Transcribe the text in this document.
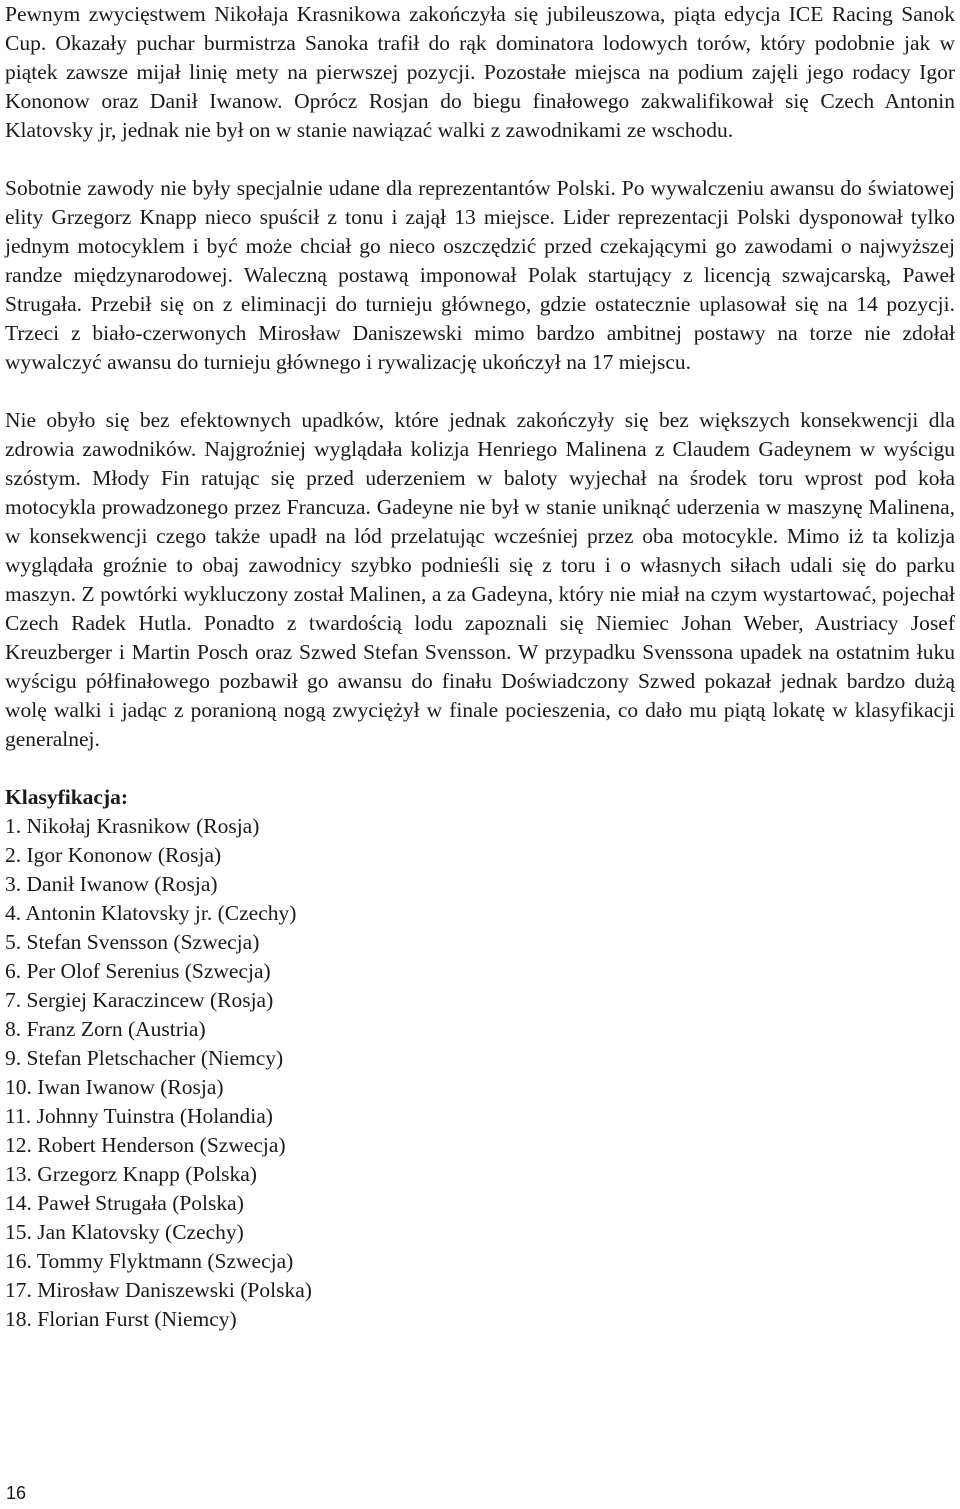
Pewnym zwycięstwem Nikołaja Krasnikowa zakończyła się jubileuszowa, piąta edycja ICE Racing Sanok Cup. Okazały puchar burmistrza Sanoka trafił do rąk dominatora lodowych torów, który podobnie jak w piątek zawsze mijał linię mety na pierwszej pozycji. Pozostałe miejsca na podium zajęli jego rodacy Igor Kononow oraz Danił Iwanow. Oprócz Rosjan do biegu finałowego zakwalifikował się Czech Antonin Klatovsky jr, jednak nie był on w stanie nawiązać walki z zawodnikami ze wschodu.

Sobotnie zawody nie były specjalnie udane dla reprezentantów Polski. Po wywalczeniu awansu do światowej elity Grzegorz Knapp nieco spuścił z tonu i zajął 13 miejsce. Lider reprezentacji Polski dysponował tylko jednym motocyklem i być może chciał go nieco oszczędzić przed czekającymi go zawodami o najwyższej randze międzynarodowej. Waleczną postawą imponował Polak startujący z licencją szwajcarską, Paweł Strugała. Przebił się on z eliminacji do turnieju głównego, gdzie ostatecznie uplasował się na 14 pozycji. Trzeci z biało-czerwonych Mirosław Daniszewski mimo bardzo ambitnej postawy na torze nie zdołał wywalczyć awansu do turnieju głównego i rywalizację ukończył na 17 miejscu.

Nie obyło się bez efektownych upadków, które jednak zakończyły się bez większych konsekwencji dla zdrowia zawodników. Najgroźniej wyglądała kolizja Henriego Malinena z Claudem Gadeynem w wyścigu szóstym. Młody Fin ratując się przed uderzeniem w baloty wyjechał na środek toru wprost pod koła motocykla prowadzonego przez Francuza. Gadeyne nie był w stanie uniknąć uderzenia w maszynę Malinena, w konsekwencji czego także upadł na lód przelatując wcześniej przez oba motocykle. Mimo iż ta kolizja wyglądała groźnie to obaj zawodnicy szybko podnieśli się z toru i o własnych siłach udali się do parku maszyn. Z powtórki wykluczony został Malinen, a za Gadeyna, który nie miał na czym wystartować, pojechał Czech Radek Hutla. Ponadto z twardością lodu zapoznali się Niemiec Johan Weber, Austriacy Josef Kreuzberger i Martin Posch oraz Szwed Stefan Svensson. W przypadku Svenssona upadek na ostatnim łuku wyścigu półfinałowego pozbawił go awansu do finału Doświadczony Szwed pokazał jednak bardzo dużą wolę walki i jadąc z poranioną nogą zwyciężył w finale pocieszenia, co dało mu piątą lokatę w klasyfikacji generalnej.

Klasyfikacja:

1. Nikołaj Krasnikow (Rosja)
2. Igor Kononow (Rosja)
3. Danił Iwanow (Rosja)
4. Antonin Klatovsky jr. (Czechy)
5. Stefan Svensson (Szwecja)
6. Per Olof Serenius (Szwecja)
7. Sergiej Karaczincew (Rosja)
8. Franz Zorn (Austria)
9. Stefan Pletschacher (Niemcy)
10. Iwan Iwanow (Rosja)
11. Johnny Tuinstra (Holandia)
12. Robert Henderson (Szwecja)
13. Grzegorz Knapp (Polska)
14. Paweł Strugała (Polska)
15. Jan Klatovsky (Czechy)
16. Tommy Flyktmann (Szwecja)
17. Mirosław Daniszewski (Polska)
18. Florian Furst (Niemcy)
16
